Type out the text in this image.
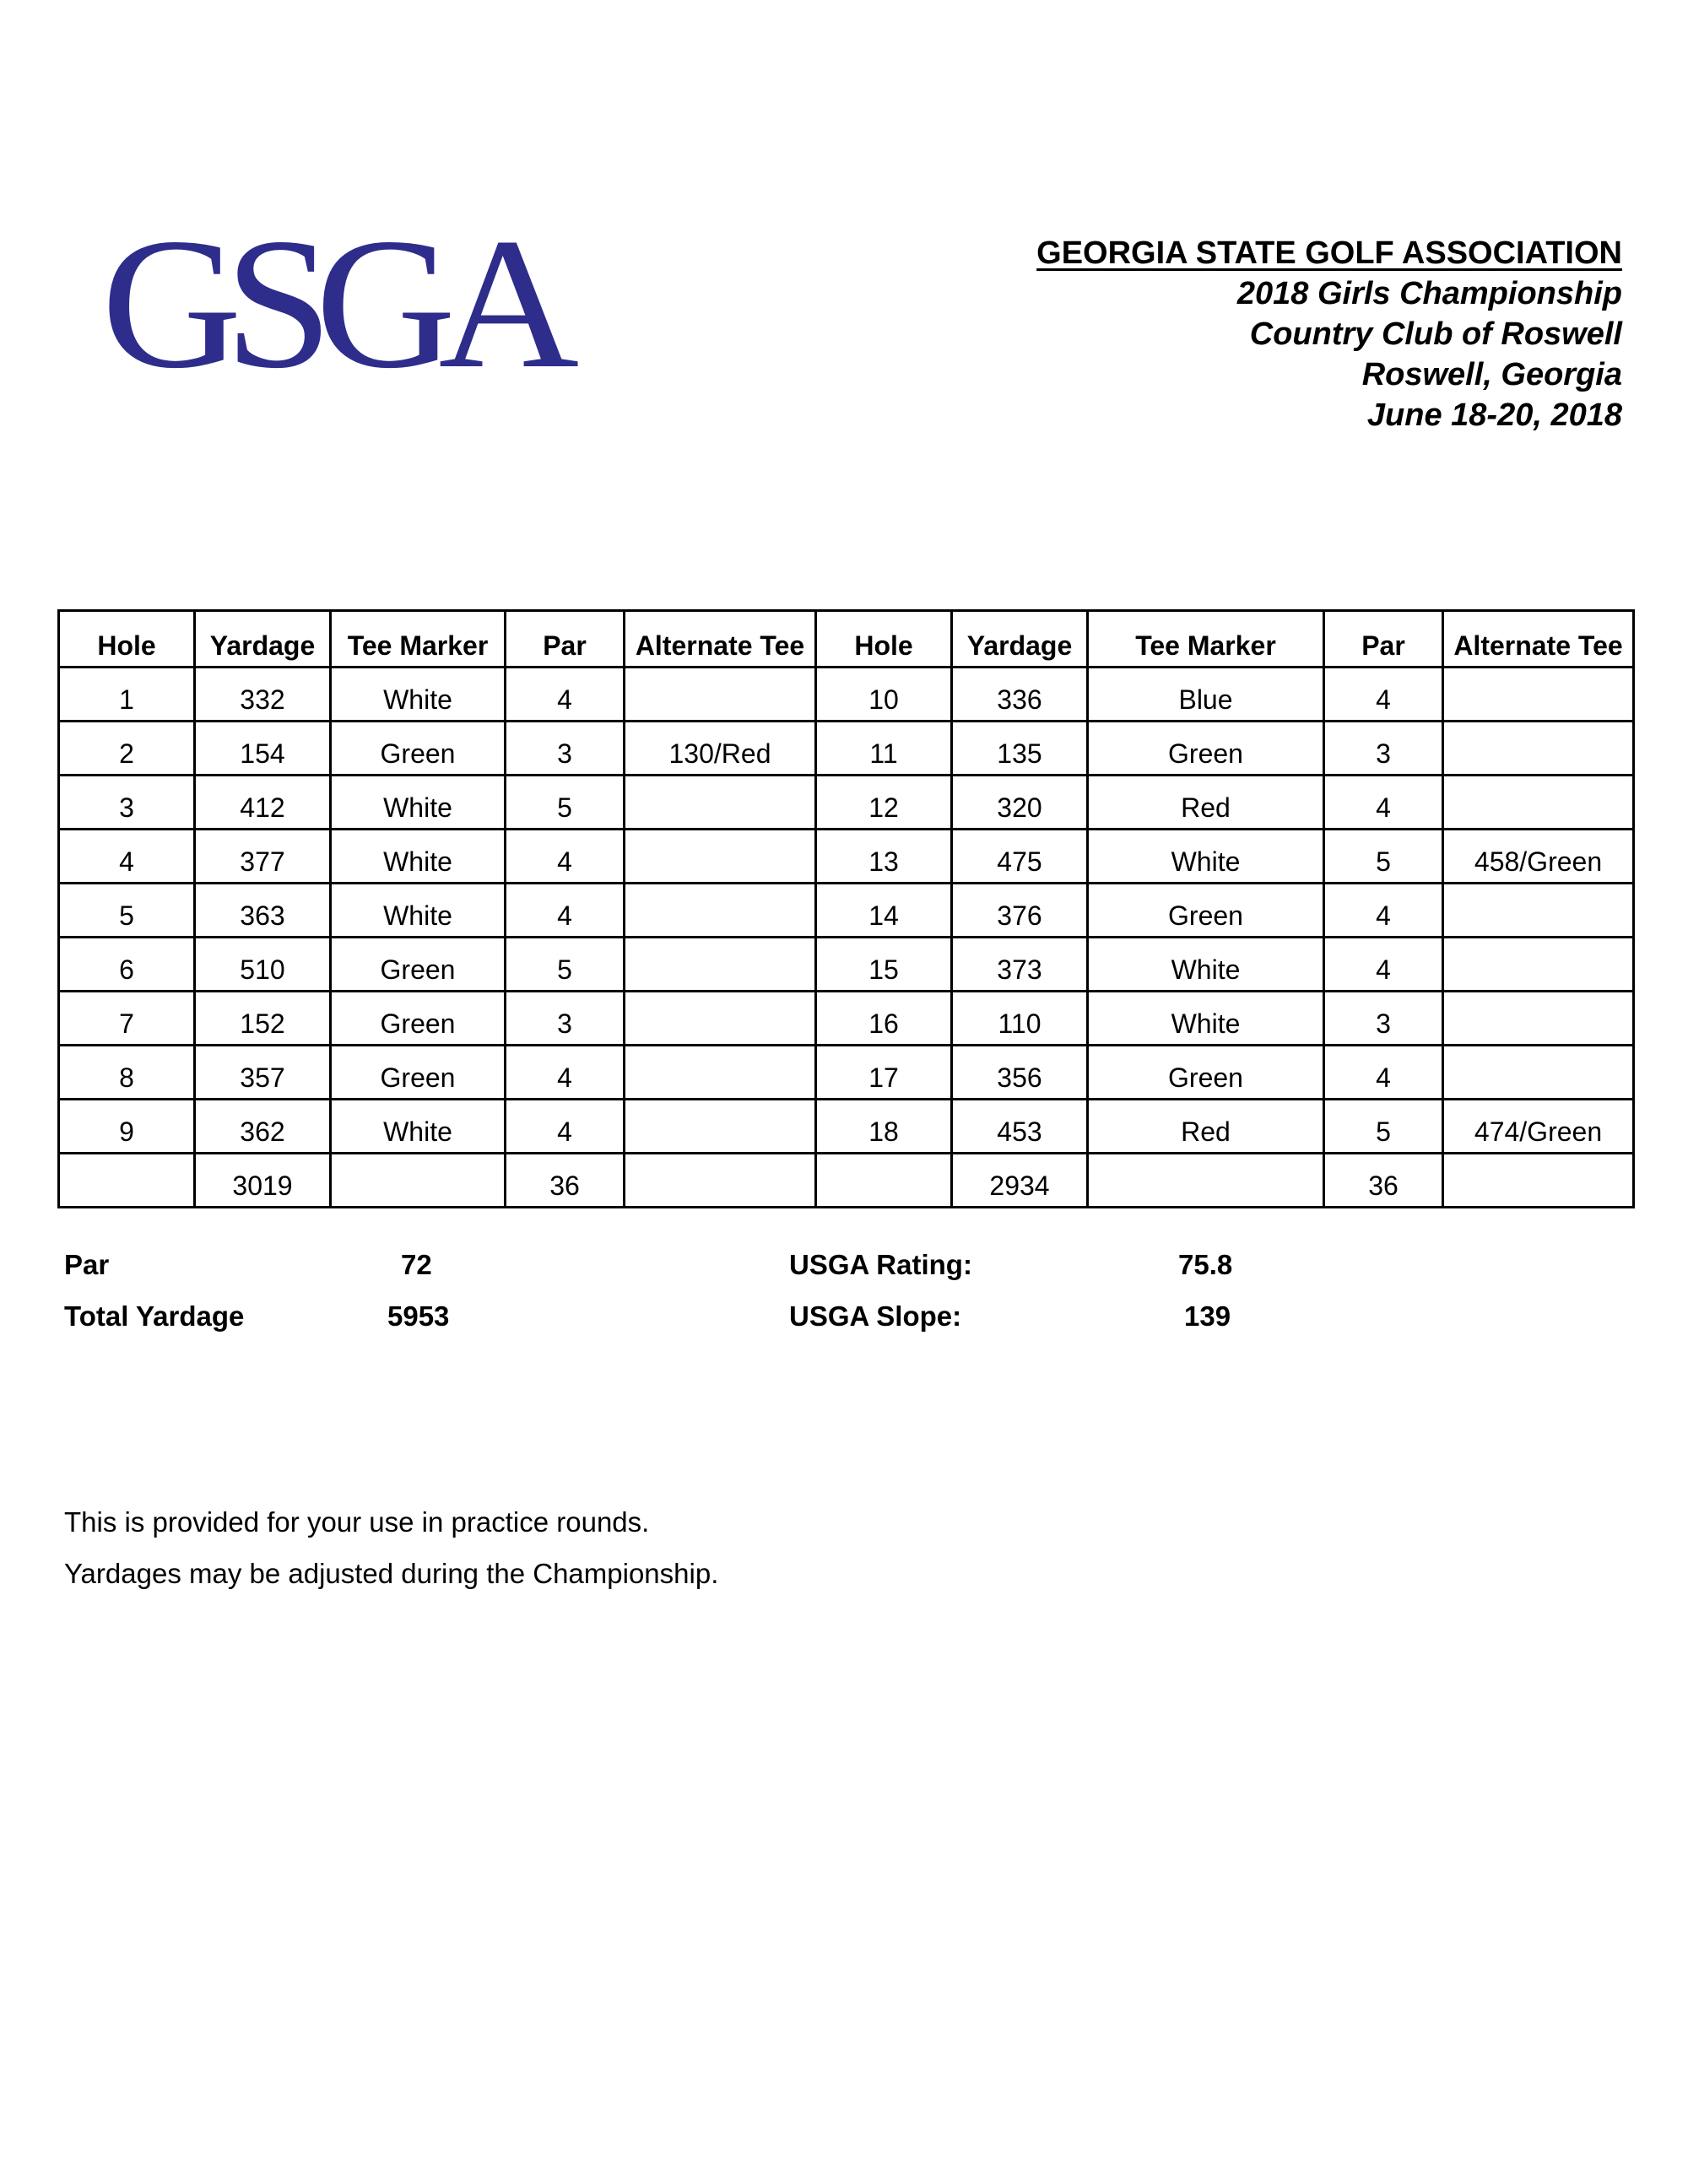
GSGA	GEORGIA STATE GOLF ASSOCIATION
2018 Girls Championship
Country Club of Roswell
Roswell, Georgia
June 18-20, 2018
Hole	Yardage	Tee Marker	Par	Alternate Tee	Hole	Yardage	Tee Marker	Par	Alternate Tee
1	332	White	4		10	336	Blue	4	
2	154	Green	3	130/Red	11	135	Green	3	
3	412	White	5		12	320	Red	4	
4	377	White	4		13	475	White	5	458/Green
5	363	White	4		14	376	Green	4	
6	510	Green	5		15	373	White	4	
7	152	Green	3		16	110	White	3	
8	357	Green	4		17	356	Green	4	
9	362	White	4		18	453	Red	5	474/Green
	3019		36			2934		36	
Par	72
Total Yardage	5953
USGA Rating:	75.8
USGA Slope:	139
This is provided for your use in practice rounds.
Yardages may be adjusted during the Championship.
